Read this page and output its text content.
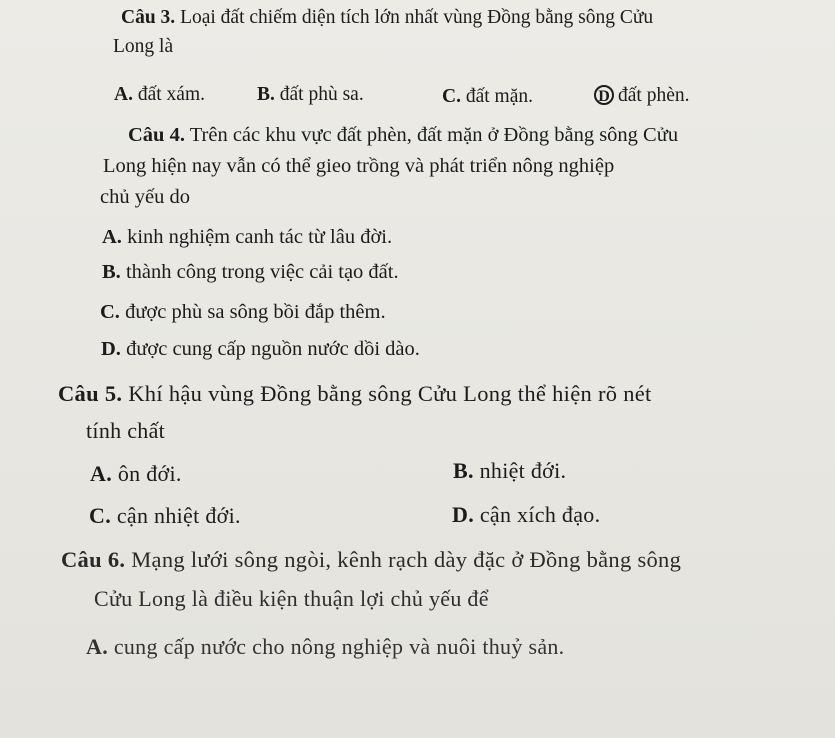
Câu 3. Loại đất chiếm diện tích lớn nhất vùng Đồng bằng sông Cửu
Long là
A. đất xám.	B. đất phù sa.	C. đất mặn.	D đất phèn.
Câu 4. Trên các khu vực đất phèn, đất mặn ở Đồng bằng sông Cửu
Long hiện nay vẫn có thể gieo trồng và phát triển nông nghiệp
chủ yếu do
A. kinh nghiệm canh tác từ lâu đời.
B. thành công trong việc cải tạo đất.
C. được phù sa sông bồi đắp thêm.
D. được cung cấp nguồn nước dồi dào.
Câu 5. Khí hậu vùng Đồng bằng sông Cửu Long thể hiện rõ nét
tính chất
A. ôn đới.	B. nhiệt đới.
C. cận nhiệt đới.	D. cận xích đạo.
Câu 6. Mạng lưới sông ngòi, kênh rạch dày đặc ở Đồng bằng sông
Cửu Long là điều kiện thuận lợi chủ yếu để
A. cung cấp nước cho nông nghiệp và nuôi thuỷ sản.
